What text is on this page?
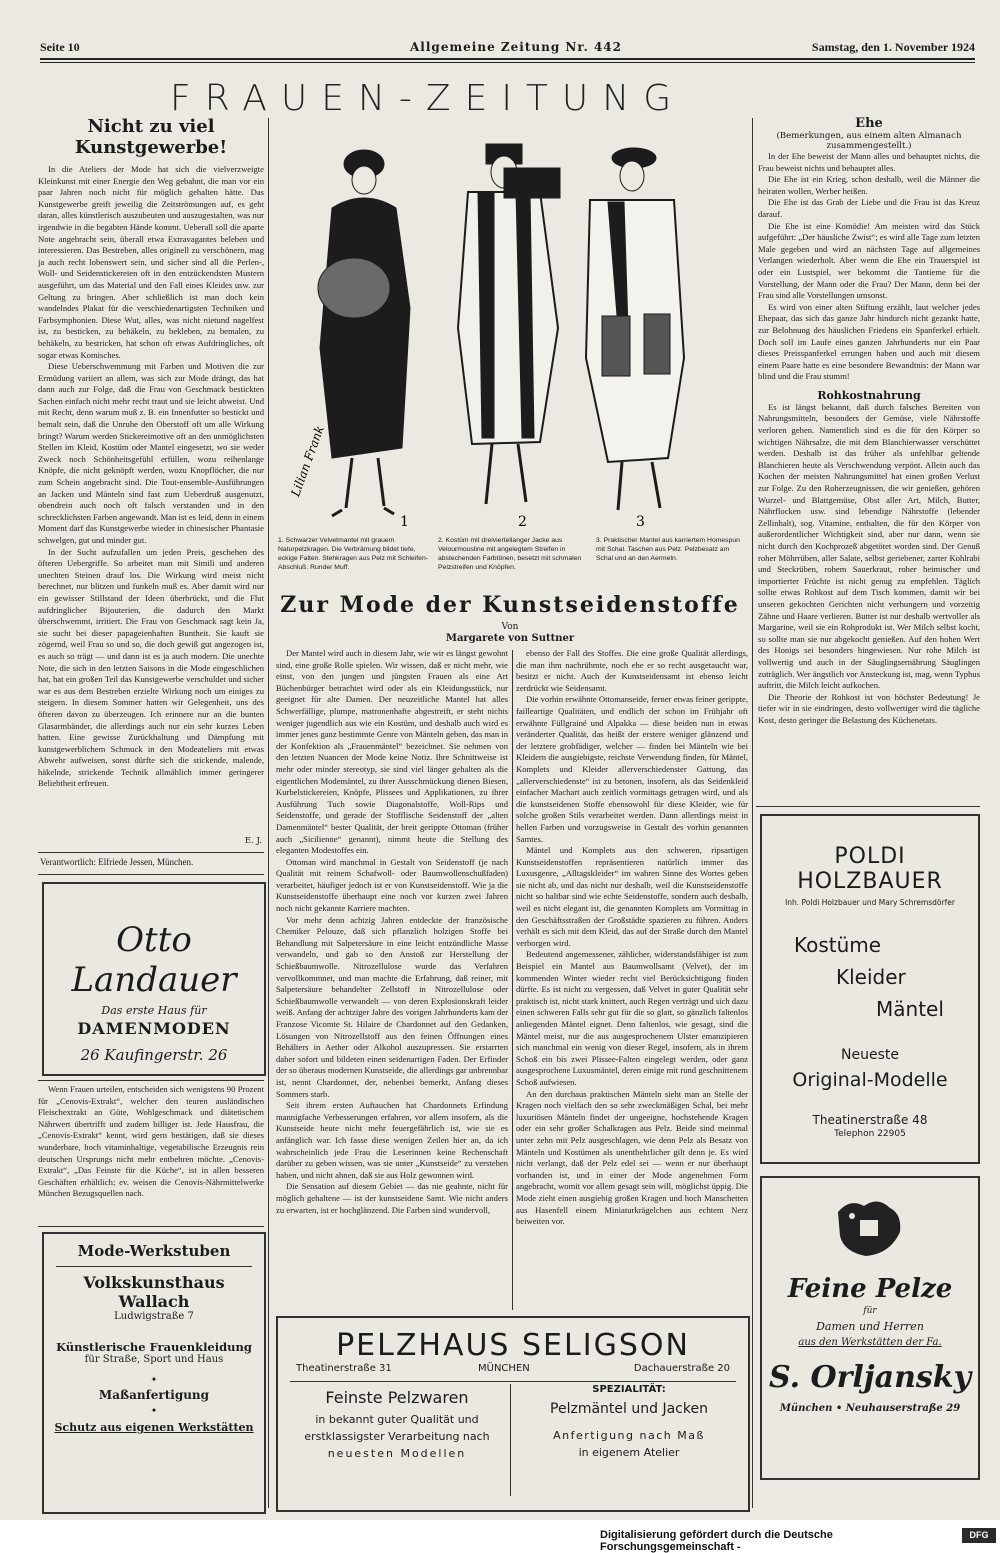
Seite 10	Allgemeine Zeitung Nr. 442	Samstag, den 1. November 1924
FRAUEN-ZEITUNG
Nicht zu viel Kunstgewerbe!

In die Ateliers der Mode hat sich die vielverzweigte Kleinkunst mit einer Energie den Weg gebahnt, die man vor ein paar Jahren noch nicht für möglich gehalten hätte. Das Kunstgewerbe greift jeweilig die Zeitströmungen auf, es geht daran, alles künstlerisch auszubeuten und auszugestalten, was nur irgendwie in die begabten Hände kommt. Ueberall soll die aparte Note angebracht sein, überall etwa Extravagantes beleben und interessieren. Das Bestreben, alles originell zu verschönern, mag ja auch recht lobenswert sein, und sicher sind all die Perlen-, Woll- und Seidenstickereien oft in den entzückendsten Mustern ausgeführt, um das Material und den Fall eines Kleides usw. zur Geltung zu bringen. Aber schließlich ist man doch kein wandelndes Plakat für die verschiedenartigsten Techniken und Farbsymphonien. Diese Wut, alles, was nicht nietund nagelfest ist, zu besticken, zu behäkeln, zu bekleben, zu bemalen, zu behäkeln, zu bestricken, hat schon oft etwas Aufdringliches, oft sogar etwas Komisches.

Diese Ueberschwemmung mit Farben und Motiven die zur Ermüdung variiert an allem, was sich zur Mode drängt, das hat dann auch zur Folge, daß die Frau von Geschmack bestickten Sachen einfach nicht mehr recht traut und sie leicht abweist. Und mit Recht, denn warum muß z. B. ein Innenfutter so bestickt und bemalt sein, daß die Unruhe den Oberstoff oft um alle Wirkung bringt? Warum werden Stickereimotive oft an den unmöglichsten Stellen im Kleid, Kostüm oder Mantel eingesetzt, wo sie weder Zweck noch Schönheitsgefühl erfüllen, wozu reihenlange Knöpfe, die nicht geknöpft werden, wozu Knopflöcher, die nur zum Schein angebracht sind. Die Tout-ensemble-Ausführungen an Jacken und Mänteln sind fast zum Ueberdruß ausgenutzt, obendrein auch noch oft falsch verstanden und in den schrecklichsten Farben angewandt. Man ist es leid, denn in einem Moment darf das Kunstgewerbe wieder in chinesischer Phantasie schwelgen, gut und minder gut.

In der Sucht aufzufallen um jeden Preis, geschehen des öfteren Uebergriffe. So arbeitet man mit Simili und anderen unechten Steinen drauf los. Die Wirkung wird meist nicht berechnet, nur blitzen und funkeln muß es. Aber damit wird nur ein gewisser Stillstand der Ideen überbrückt, und die Flut aufdringlicher Bijouterien, die dadurch den Markt überschwemmt, irritiert. Die Frau von Geschmack sagt kein Ja, sie sucht bei dieser papageienhaften Buntheit. Sie kauft sie zögernd, weil Frau so und so, die doch gewiß gut angezogen ist, es auch so trägt — und dann ist es ja auch modern. Die unechte Note, die sich in den letzten Saisons in die Mode eingeschlichen hat, hat ein großen Teil das Kunstgewerbe verschuldet und sicher war es aus dem Bestreben erzielte Wirkung noch um einiges zu steigern. In diesem Sommer hatten wir Gelegenheit, uns des öfteren davon zu überzeugen. Ich erinnere nur an die bunten Glasarmbänder, die allerdings auch nur ein sehr kurzes Leben hatten. Eine gewisse Zurückhaltung und Dämpfung mit kunstgewerblichem Schmuck in den Modeateliers mit etwas Abwehr aufweisen, sonst dürfte sich die stickende, malende, häkelnde, strickende Technik allmählich immer geringerer Beliebtheit erfreuen.

E. J.
Verantwortlich: Elfriede Jessen, München.
Otto Landauer
Das erste Haus für
DAMENMODEN
26 Kaufingerstr. 26

Wenn Frauen urteilen, entscheiden sich wenigstens 90 Prozent für „Cenovis-Extrakt“, welcher den teuren ausländischen Fleischextrakt an Güte, Wohlgeschmack und diätetischem Nährwert übertrifft und zudem billiger ist. Jede Hausfrau, die „Cenovis-Extrakt“ kennt, wird gern bestätigen, daß sie dieses wunderbare, hoch vitaminhaltige, vegetabilische Erzeugnis rein deutschen Ursprungs nicht mehr entbehren möchte. „Cenovis-Extrakt“, „Das Feinste für die Küche“, ist in allen besseren Geschäften erhältlich; ev. weisen die Cenovis-Nährmittelwerke München Bezugsquellen nach.

Mode-Werkstuben
Volkskunsthaus
Wallach
Ludwigstraße 7
Künstlerische Frauenkleidung
für Straße, Sport und Haus
✦
Maßanfertigung
✦
Schutz aus eigenen Werkstätten
Lilian Frank
1	2	3
1. Schwarzer Velvetmantel mit grauem Naturpelzkragen. Die Verbrämung bildet tiefe, eckige Falten. Stehkragen aus Pelz mit Schleifen-Abschluß. Runder Muff.
2. Kostüm mit dreiviertellanger Jacke aus Velourmousline mit angelegtem Streifen in abstechenden Farbtönen, besetzt mit schmalen Pelzstreifen und Knöpfen.
3. Praktischer Mantel aus karriertem Homespun mit Schal. Taschen aus Pelz. Pelzbesatz am Schal und an den Aermeln.
Zur Mode der Kunstseidenstoffe
Von
Margarete von Suttner

Der Mantel wird auch in diesem Jahr, wie wir es längst gewohnt sind, eine große Rolle spielen. Wir wissen, daß er nicht mehr, wie einst, von den jungen und jüngsten Frauen als eine Art Büchenbürger betrachtet wird oder als ein Kleidungsstück, nur geeignet für alte Damen. Der neuzeitliche Mantel hat alles Schwerfällige, plumpe, matronenhafte abgestreift, er steht nichts weniger jugendlich aus wie ein Kostüm, und deshalb auch wird es immer jenes ganz bestimmte Genre von Mänteln geben, das man in der Konfektion als „Frauenmäntel“ bezeichnet. Sie nehmen von den letzten Nuancen der Mode keine Notiz. Ihre Schnittweise ist mehr oder minder stereotyp, sie sind viel länger gehalten als die eigentlichen Modemäntel, zu ihrer Ausschmückung dienen Biesen, Kurbelstickereien, Knöpfe, Plissees und Applikationen, zu ihrer Ausführung Tuch sowie Diagonalstoffe, Woll-Rips und Seidenstoffe, und gerade der Stofflische Seidenstoff der „alten Damenmäntel“ bester Qualität, der breit gerippte Ottoman (früher auch „Sicilienne“ genannt), nimmt heute die Stellung des eleganten Modestoffes ein.

Ottoman wird manchmal in Gestalt von Seidenstoff (je nach Qualität mit reinem Schafwoll- oder Baumwollenschußfaden) verarbeitet, häufiger jedoch ist er von Kunstseidenstoff. Wie ja die Kunstseidenstoffe überhaupt eine noch vor kurzen zwei Jahren noch nicht gekannte Karriere machten.

Vor mehr denn achtzig Jahren entdeckte der französische Chemiker Pelouze, daß sich pflanzlich holzigen Stoffe bei Behandlung mit Salpetersäure in eine leicht entzündliche Masse verwandeln, und gab so den Anstoß zur Herstellung der Schießbaumwolle. Nitrozellulose wurde das Verfahren vervollkommnet, und man machte die Erfahrung, daß reiner, mit Salpetersäure behandelter Zellstoff in Nitrozellulose oder Schießbaumwolle verwandelt — von deren Explosionskraft leider weiß. Anfang der achtziger Jahre des vorigen Jahrhunderts kam der Franzose Vicomte St. Hilaire de Chardonnet auf den Gedanken, Lösungen von Nitrozellstoff aus den feinen Öffnungen eines Behälters in Aether oder Alkohol auszupressen. Sie erstarrten daher sofort und bildeten einen seidenartigen Faden. Der Erfinder der so überaus modernen Kunstseide, die allerdings gar unbrennbar ist, nennt Chardonnet, der, nebenbei bemerkt, Anfang dieses Sommers starb.

Seit ihrem ersten Auftauchen hat Chardonnets Erfindung mannigfache Verbesserungen erfahren, vor allem insofern, als die Kunstseide heute nicht mehr feuergefährlich ist, wie sie es anfänglich war. Ich fasse diese wenigen Zeilen hier an, da ich wahrscheinlich jede Frau die Leserinnen keine Rechenschaft darüber zu geben wissen, was sie unter „Kunstseide“ zu verstehen haben, und nicht ahnen, daß sie aus Holz gewonnen wird.

Die Sensation auf diesem Gebiet — das nie geahnte, nicht für möglich gehaltene — ist der kunstseidene Samt. Wie nicht anders zu erwarten, ist er hochglänzend. Die Farben sind wundervoll,

ebenso der Fall des Stoffes. Die eine große Qualität allerdings, die man ihm nachrühmte, noch ehe er so recht ausgetaucht war, besitzt er nicht. Auch der Kunstseidensamt ist ebenso leicht zerdrückt wie Seidensamt.

Die vorhin erwähnte Ottomanseide, ferner etwas feiner gerippte, failleartige Qualitäten, und endlich der schon im Frühjahr oft erwähnte Füllgrainé und Alpakka — diese beiden nun in etwas veränderter Qualität, das heißt der erstere weniger glänzend und der letztere grobfädiger, welcher — finden bei Mänteln wie bei Kleidern die ausgiebigste, reichste Verwendung finden, für Mäntel, Komplets und Kleider allerverschiedenster Gattung, das „allerverschiedenste“ ist zu betonen, insofern, als das Seidenkleid einfacher Machart auch zeitlich vormittags getragen wird, und als die kunstseidenen Stoffe ebensowohl für diese Kleider, wie für solche großen Stils verarbeitet werden. Dann allerdings meist in hellen Farben und vorzugsweise in Gestalt des vorhin genannten Samtes.

Mäntel und Komplets aus den schweren, ripsartigen Kunstseidenstoffen repräsentieren natürlich immer das Luxusgenre, „Alltagskleider“ im wahren Sinne des Wortes geben sie nicht ab, und das nicht nur deshalb, weil die Kunstseidenstoffe nicht so haltbar sind wie echte Seidenstoffe, sondern auch deshalb, weil es nicht elegant ist, die genannten Komplets am Vormittag in den Geschäftsstraßen der Großstädte spazieren zu führen. Anders verhält es sich mit dem Kleid, das auf der Straße durch den Mantel verborgen wird.

Bedeutend angemessener, zählicher, widerstandsfähiger ist zum Beispiel ein Mantel aus Baumwollsamt (Velvet), der im kommenden Winter wieder recht viel Berücksichtigung finden dürfte. Es ist nicht zu vergessen, daß Velvet in guter Qualität sehr praktisch ist, nicht stark knittert, auch Regen verträgt und sich dazu einen schweren Falls sehr gut für die so glatt, so gänzlich faltenlos anliegenden Mäntel eignet. Denn faltenlos, wie gesagt, sind die Mäntel meist, nur die aus ausgesprochenem Ulster emanzipieren sich manchmal ein wenig von dieser Regel, insofern, als in ihrem Schoß ein bis zwei Plissee-Falten eingelegt werden, oder ganz ausgesprochene Luxusmäntel, deren einige mit rund geschnittenem Schoß aufwiesen.

An den durchaus praktischen Mänteln sieht man an Stelle der Kragen noch vielfach den so sehr zweckmäßigen Schal, bei mehr luxuriösen Mänteln findet der ungeeigne, hochstehende Kragen oder ein sehr großer Schalkragen aus Pelz. Beide sind meinmal unter zehn mit Pelz ausgeschlagen, wie denn Pelz als Besatz von Mänteln und Kostümen als unentbehrlicher gilt denn je. Es wird nicht verlangt, daß der Pelz edel sei — wenn er nur überhaupt vorhanden ist, und in einer der Mode angenehmen Form angebracht, womit vor allem gesagt sein will, möglichst üppig. Die Mode zieht einen ausgiebig großen Kragen und hoch Manschetten aus Hasenfell einem Miniaturkrägelchen aus echtem Nerz beiweiten vor.

PELZHAUS SELIGSON
Theatinerstraße 31	MÜNCHEN	Dachauerstraße 20
Feinste Pelzwaren
in bekannt guter Qualität und
erstklassigster Verarbeitung nach
neuesten Modellen
SPEZIALITÄT:
Pelzmäntel und Jacken
Anfertigung nach Maß
in eigenem Atelier
Ehe
(Bemerkungen, aus einem alten Almanach zusammengestellt.)

In der Ehe beweist der Mann alles und behauptet nichts, die Frau beweist nichts und behauptet alles.

Die Ehe ist ein Krieg, schon deshalb, weil die Männer die heiraten wollen, Werber heißen.

Die Ehe ist das Grab der Liebe und die Frau ist das Kreuz darauf.

Die Ehe ist eine Komödie! Am meisten wird das Stück aufgeführt: „Der häusliche Zwist“; es wird alle Tage zum letzten Male gegeben und wird an nächsten Tage auf allgemeines Verlangen wiederholt. Aber wenn die Ehe ein Trauerspiel ist oder ein Lustspiel, wer bekommt die Tantieme für die Vorstellung, der Mann oder die Frau? Der Mann, denn bei der Frau sind alle Vorstellungen umsonst.

Es wird von einer alten Stiftung erzählt, laut welcher jedes Ehepaar, das sich das ganze Jahr hindurch nicht gezankt hatte, zur Belohnung des häuslichen Friedens ein Spanferkel erhielt. Doch soll im Laufe eines ganzen Jahrhunderts nur ein Paar dieses Preisspanferkel errungen haben und auch mit diesem einem Paare hatte es eine besondere Bewandtnis: der Mann war blind und die Frau stumm!

Rohkostnahrung

Es ist längst bekannt, daß durch falsches Bereiten von Nahrungsmitteln, besonders der Gemüse, viele Nährstoffe verloren gehen. Namentlich sind es die für den Körper so wichtigen Nährsalze, die mit dem Blanchierwasser verschüttet werden. Deshalb ist das früher als unfehlbar geltende Blanchieren heute als Verschwendung verpönt. Allein auch das Kochen der meisten Nahrungsmittel hat einen großen Verlust zur Folge. Zu den Roherzeugnissen, die wir genießen, gehören Wurzel- und Blattgemüse, Obst aller Art, Milch, Butter, Nährflocken usw. sind lebendige Nährstoffe (lebender Zellinhalt), sog. Vitamine, enthalten, die für den Körper von außerordentlicher Wichtigkeit sind, aber nur dann, wenn sie nicht durch den Kochprozeß abgetötet worden sind. Der Genuß roher Möhrrüben, aller Salate, selbst geriebener, zarter Kohlrabi und Steckrüben, rohem Sauerkraut, roher heimischer und importierter Früchte ist nicht genug zu empfehlen. Täglich sollte etwas Rohkost auf dem Tisch kommen, damit wir bei unseren gekochten Gerichten nicht verhungern und vorzeitig Zähne und Haare verlieren. Butter ist nur deshalb wertvoller als Margarine, weil sie ein Rohprodukt ist. Wer Milch selbst kocht, so sollte man sie nur abgekocht genießen. Auf den hohen Wert des Honigs sei besonders hingewiesen. Nur rohe Milch ist vollwertig und auch in der Säuglingsernährung Säuglingen zuträglich. Wer ängstlich vor Ansteckung ist, mag, wenn Typhus auftritt, die Milch leicht aufkochen.

Die Theorie der Rohkost ist von höchster Bedeutung! Je tiefer wir in sie eindringen, desto vollwertiger wird die tägliche Kost, desto geringer die Belastung des Küchenetats.

POLDI HOLZBAUER
Inh. Poldi Holzbauer und Mary Schremsdörfer
Kostüme
Kleider
Mäntel
Neueste
Original-Modelle
Theatinerstraße 48
Telephon 22905
Feine Pelze
für
Damen und Herren
aus den Werkstätten der Fa.
S. Orljansky
München • Neuhauserstraße 29
Digitalisierung gefördert durch die Deutsche Forschungsgemeinschaft -
DFG
